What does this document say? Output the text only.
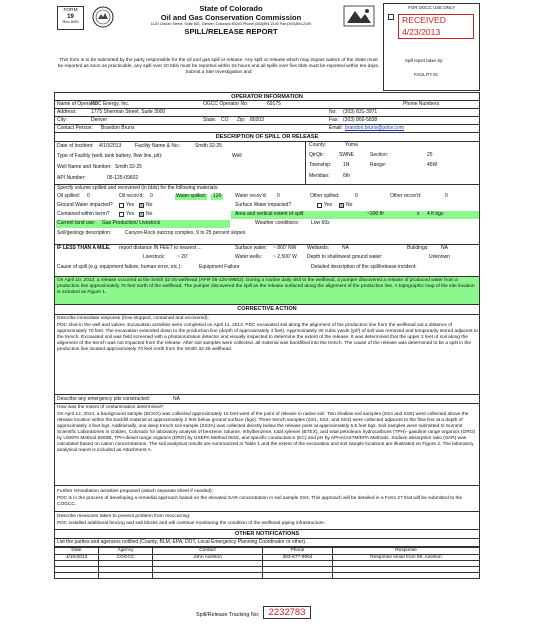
FORM
19
Rev 6/99
State of Colorado
Oil and Gas Conservation Commission
1120 Lincoln Street, Suite 801, Denver, Colorado 80203 Phone:(303)894-2100 Fax:(303)894-2109
SPILL/RELEASE REPORT
FOR OGCC USE ONLY
RECEIVED
4/23/2013
Spill report taken by:
FACILITY ID:
This form is to be submitted by the party responsible for the oil and gas spill or release. Any spill or release which may impact waters of the State must be reported as soon as practicable, any spill over 20 bbls must be reported within 24 hours and all spills over five bbls must be reported within ten days. Submit a Site Investigation and
OPERATOR INFORMATION
Name of Operator:
PDC Energy, Inc.	OGCC Operator No:	69175	Phone Numbers
Address:	1775 Sherman Street, Suite 3000	No: (303) 831-3971
City:	Denver	State: CO Zip: 80203	Fax: (303) 860-5838
Contact Person: Brandon Bruns	Email: brandon.bruns@pdce.com
DESCRIPTION OF SPILL OR RELEASE
Date of Incident: 4/10/2013	Facility Name & No.:	Smith 32-25	County:	Yuma
Type of Facility (well, tank battery, flow line, pit):	Well	QtrQtr:	SWNE	Section:	25
Well Name and Number: Smith 32-25	Township: 1N	Range:	45W
API Number:	05-125-09602	Meridian:	6th
Specify volume spilled and recovered (in bbls) for the following materials:
Oil spilled: 0	Oil recov'd: 0	Water spilled:	120	Water recov'd: 0	Other spilled:	0	Other recov'd:	0
Ground Water impacted?	Yes X No	Surface Water impacted?	Yes X No
Contained within berm?	Yes X No	Area and vertical extent of spill:	~300 ft²	x 4 ft bgs
Current land use: Gas Production/ Livestock	Weather conditions: Low 60s
Soil/geology description:	Canyon-Rock outcrop complex, 9 to 25 percent slopes
IF LESS THAN A MILE, report distance IN FEET to nearest ...	Surface water: ~ 860' NW Wetlands:	NA	Buildings: NA
Livestock: ~ 20'	Water wells: ~ 2,500' W Depth to shallowest ground water:	Unknown
Cause of spill (e.g. equipment failure, human error, etc.):	Equipment Failure	Detailed description of the spill/release incident:
On April 10, 2013, a release occurred at the Smith 32-25 wellhead (API# 05-125-09602). During a routine daily visit to the wellhead, a pumper discovered a release of produced water from a production line approximately 70 feet north of the wellhead. The pumper discovered the spill as the release surfaced along the alignment of the production line. A topographic map of the site location is included as Figure 1.
CORRECTIVE ACTION
Describe immediate response (how stopped, contained and recovered):
PDC shut-in the well and valves. Excavation activities were completed on April 11, 2013. PDC excavated soil along the alignment of the production line from the wellhead out a distance of approximately 70 feet. The excavation extended down to the production line (depth of approximately 4 feet). Approximately 30 cubic yards (yd³) of soil was removed and temporarily stored adjacent to the trench. Excavated soil was field screened with a photoionization detector and visually inspected to determine the extent of the release. It was determined that the upper 2 feet of soil along the alignment of the trench was not impacted from the release. After soil samples were collected, all material was backfilled into the trench. The cause of the release was determined to be a split in the production line located approximately 70 feet north from the Smith 32-25 wellhead.
Describe any emergency pits constructed:	NA
How was the extent of contamination determined?
On April 12, 2013, a background sample (BCKG) was collected approximately 15 feet west of the point of release in native soil. Two shallow soil samples (SS4 and SS5) were collected above the release location within the backfill material at approximately 2 feet below ground surface (bgs). Three trench samples (SS1, SS2, and SS3) were collected adjacent to the flow line at a depth of approximately 4 feet bgs. Additionally, one deep trench soil sample (SS3A) was collected directly below the release point at approximately 5.5 feet bgs. Soil samples were submitted to Summit Scientific Laboratories in Golden, Colorado for laboratory analysis of benzene, toluene, ethylbenzene, total xylenes (BTEX), and total petroleum hydrocarbons (TPH)- gasoline range organics (GRO) by USEPA Method 8260B, TPH-diesel range organics (DRO) by USEPA Method 8015, and specific conductance (EC) and pH by APHA/ASTM/EPA Methods. Sodium absorption ratio (SAR) was calculated based on cation concentrations. The soil analytical results are summarized in Table 1 and the extent of the excavation and soil sample locations are illustrated on Figure 2. The laboratory analytical report is included as Attachment A.
Further remediation activities proposed (attach separate sheet if needed):
PDC is in the process of developing a remedial approach based on the elevated SAR concentration in soil sample SS4. This approach will be detailed in a Form 27 that will be submitted to the COGCC.
Describe measures taken to prevent problem from reoccurring:
PDC installed additional fencing and salt blocks and will continue monitoring the condition of the wellhead piping infrastructure.
OTHER NOTIFICATIONS
List the parties and agencies notified (County, BLM, EPA, DOT, Local Emergency Planning Coordinator or other).
Date	Agency	Contact	Phone	Response
4/10/2013	COGCC	John Axelson	303-877-9964	Response email from Mr. Axelson

Spill/Release Tracking No: 2232783
